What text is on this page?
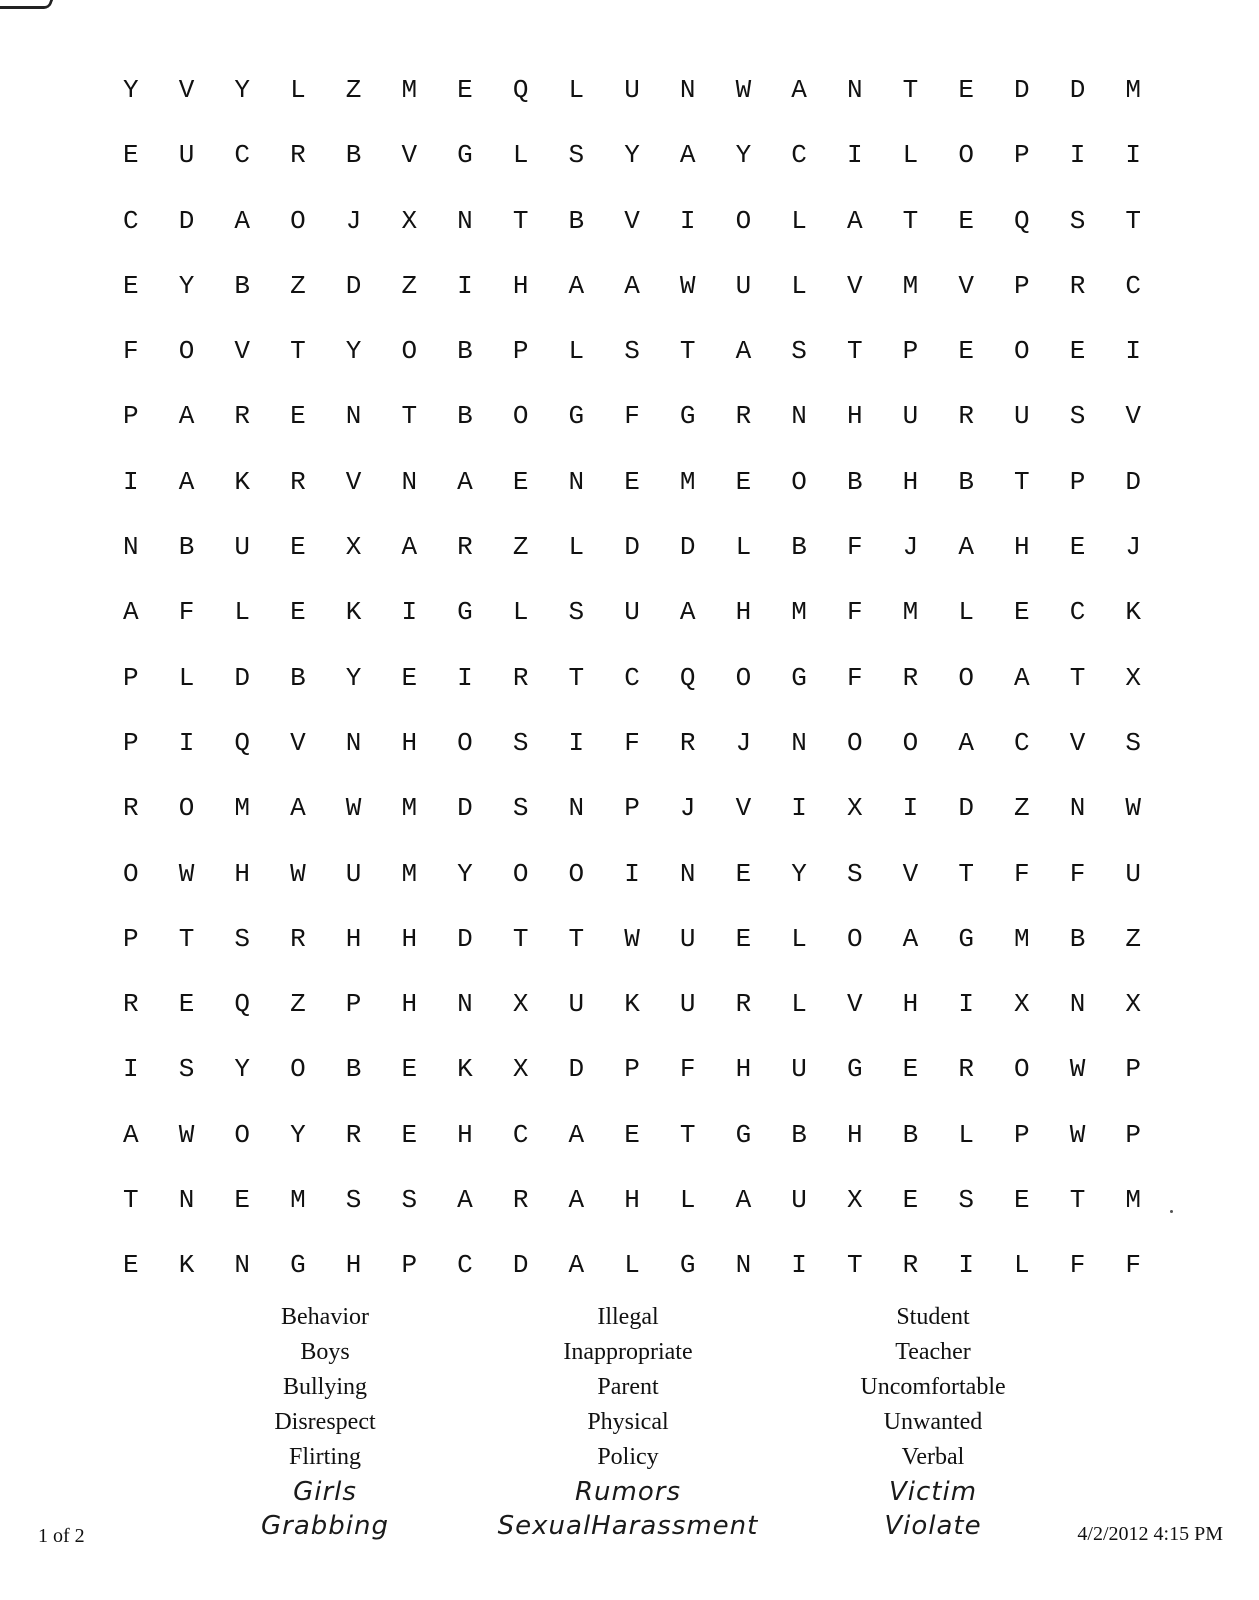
Y	V	Y	L	Z	M	E	Q	L	U	N	W	A	N	T	E	D	D	M
E	U	C	R	B	V	G	L	S	Y	A	Y	C	I	L	O	P	I	I
C	D	A	O	J	X	N	T	B	V	I	O	L	A	T	E	Q	S	T
E	Y	B	Z	D	Z	I	H	A	A	W	U	L	V	M	V	P	R	C
F	O	V	T	Y	O	B	P	L	S	T	A	S	T	P	E	O	E	I
P	A	R	E	N	T	B	O	G	F	G	R	N	H	U	R	U	S	V
I	A	K	R	V	N	A	E	N	E	M	E	O	B	H	B	T	P	D
N	B	U	E	X	A	R	Z	L	D	D	L	B	F	J	A	H	E	J
A	F	L	E	K	I	G	L	S	U	A	H	M	F	M	L	E	C	K
P	L	D	B	Y	E	I	R	T	C	Q	O	G	F	R	O	A	T	X
P	I	Q	V	N	H	O	S	I	F	R	J	N	O	O	A	C	V	S
R	O	M	A	W	M	D	S	N	P	J	V	I	X	I	D	Z	N	W
O	W	H	W	U	M	Y	O	O	I	N	E	Y	S	V	T	F	F	U
P	T	S	R	H	H	D	T	T	W	U	E	L	O	A	G	M	B	Z
R	E	Q	Z	P	H	N	X	U	K	U	R	L	V	H	I	X	N	X
I	S	Y	O	B	E	K	X	D	P	F	H	U	G	E	R	O	W	P
A	W	O	Y	R	E	H	C	A	E	T	G	B	H	B	L	P	W	P
T	N	E	M	S	S	A	R	A	H	L	A	U	X	E	S	E	T	M
E	K	N	G	H	P	C	D	A	L	G	N	I	T	R	I	L	F	F
Behavior
Boys
Bullying
Disrespect
Flirting
Girls
Grabbing
Illegal
Inappropriate
Parent
Physical
Policy
Rumors
SexualHarassment
Student
Teacher
Uncomfortable
Unwanted
Verbal
Victim
Violate
1 of 2	4/2/2012 4:15 PM
